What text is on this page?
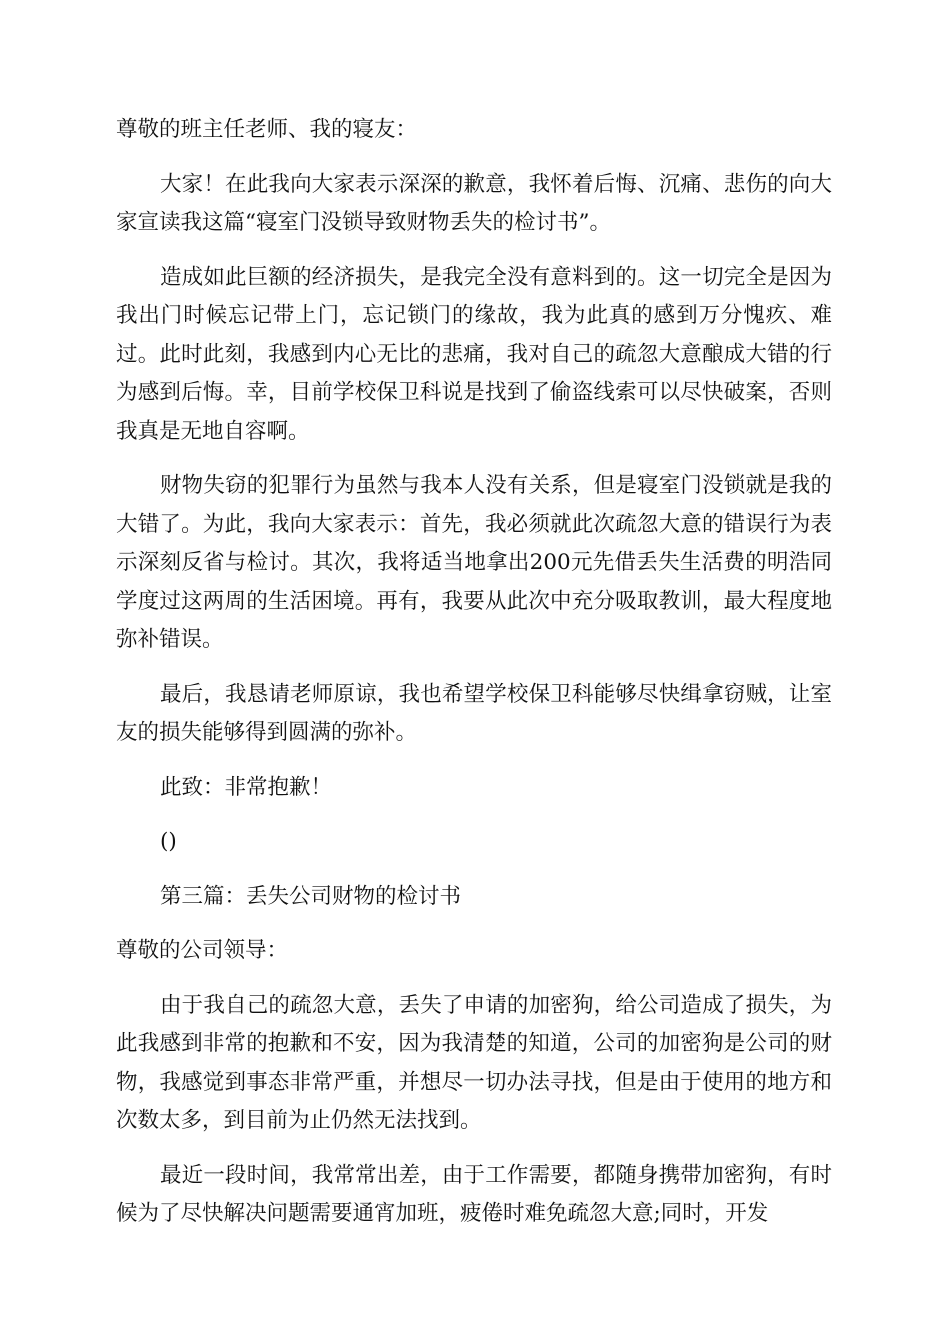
尊敬的班主任老师、我的寝友：

大家！在此我向大家表示深深的歉意，我怀着后悔、沉痛、悲伤的向大家宣读我这篇“寝室门没锁导致财物丢失的检讨书”。

造成如此巨额的经济损失，是我完全没有意料到的。这一切完全是因为我出门时候忘记带上门，忘记锁门的缘故，我为此真的感到万分愧疚、难过。此时此刻，我感到内心无比的悲痛，我对自己的疏忽大意酿成大错的行为感到后悔。幸，目前学校保卫科说是找到了偷盗线索可以尽快破案，否则我真是无地自容啊。

财物失窃的犯罪行为虽然与我本人没有关系，但是寝室门没锁就是我的大错了。为此，我向大家表示：首先，我必须就此次疏忽大意的错误行为表示深刻反省与检讨。其次，我将适当地拿出200元先借丢失生活费的明浩同学度过这两周的生活困境。再有，我要从此次中充分吸取教训，最大程度地弥补错误。

最后，我恳请老师原谅，我也希望学校保卫科能够尽快缉拿窃贼，让室友的损失能够得到圆满的弥补。

此致：非常抱歉！

()

第三篇：丢失公司财物的检讨书

尊敬的公司领导：

由于我自己的疏忽大意，丢失了申请的加密狗，给公司造成了损失，为此我感到非常的抱歉和不安，因为我清楚的知道，公司的加密狗是公司的财物，我感觉到事态非常严重，并想尽一切办法寻找，但是由于使用的地方和次数太多，到目前为止仍然无法找到。

最近一段时间，我常常出差，由于工作需要，都随身携带加密狗，有时候为了尽快解决问题需要通宵加班，疲倦时难免疏忽大意;同时，开发
